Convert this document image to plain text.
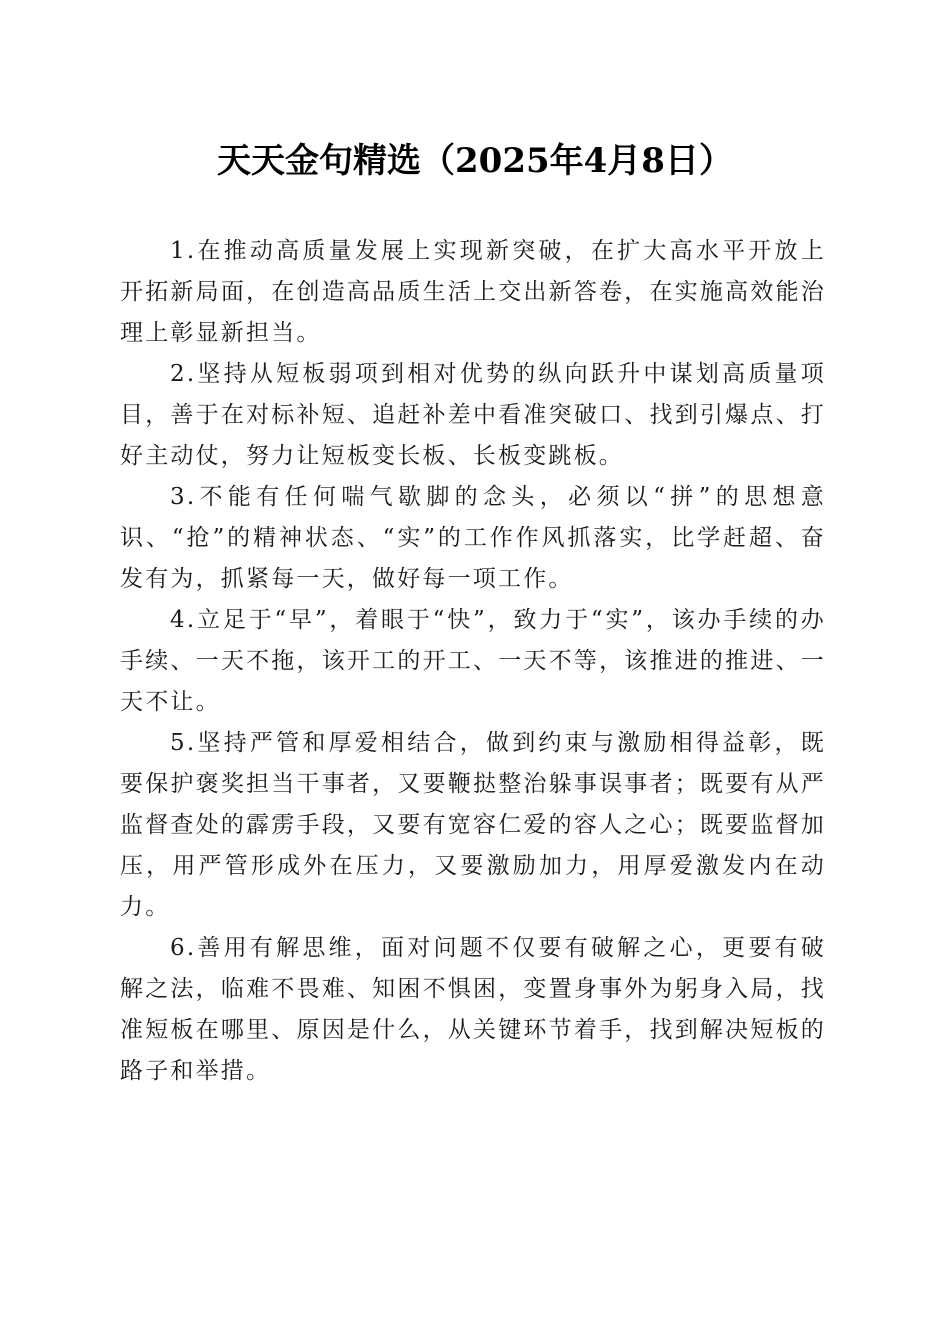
天天金句精选（2025年4月8日）

1.在推动高质量发展上实现新突破，在扩大高水平开放上开拓新局面，在创造高品质生活上交出新答卷，在实施高效能治理上彰显新担当。

2.坚持从短板弱项到相对优势的纵向跃升中谋划高质量项目，善于在对标补短、追赶补差中看准突破口、找到引爆点、打好主动仗，努力让短板变长板、长板变跳板。

3.不能有任何喘气歇脚的念头，必须以“拼”的思想意识、“抢”的精神状态、“实”的工作作风抓落实，比学赶超、奋发有为，抓紧每一天，做好每一项工作。

4.立足于“早”，着眼于“快”，致力于“实”，该办手续的办手续、一天不拖，该开工的开工、一天不等，该推进的推进、一天不让。

5.坚持严管和厚爱相结合，做到约束与激励相得益彰，既要保护褒奖担当干事者，又要鞭挞整治躲事误事者；既要有从严监督查处的霹雳手段，又要有宽容仁爱的容人之心；既要监督加压，用严管形成外在压力，又要激励加力，用厚爱激发内在动力。

6.善用有解思维，面对问题不仅要有破解之心，更要有破解之法，临难不畏难、知困不惧困，变置身事外为躬身入局，找准短板在哪里、原因是什么，从关键环节着手，找到解决短板的路子和举措。
